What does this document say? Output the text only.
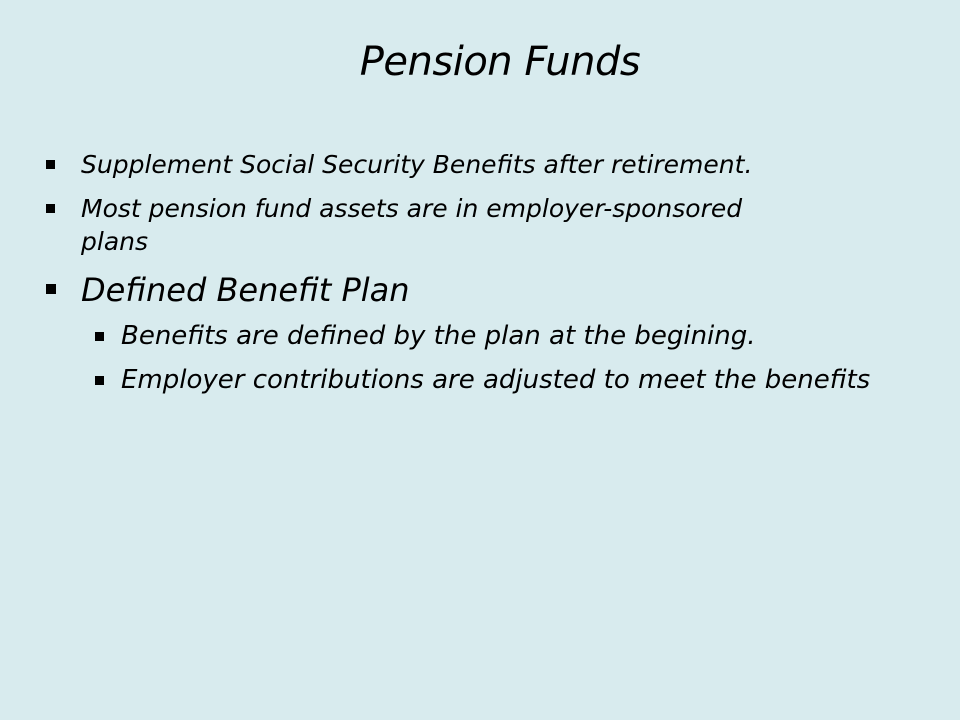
Pension Funds
Supplement Social Security Benefits after retirement.
Most pension fund assets are in employer-sponsored plans
Defined Benefit Plan
Benefits are defined by the plan at the begining.
Employer contributions are adjusted to meet the benefits
